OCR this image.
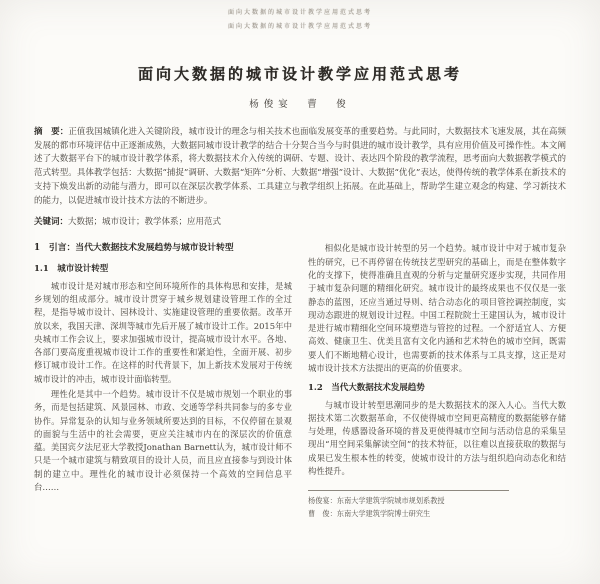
面向大数据的城市设计教学应用范式思考
面向大数据的城市设计教学应用范式思考
面向大数据的城市设计教学应用范式思考
杨俊宴　曹　俊
摘　要：正值我国城镇化进入关键阶段，城市设计的理念与相关技术也面临发展变革的重要趋势。与此同时，大数据技术飞速发展，其在高频发展的都市环境评估中正逐渐成熟，大数据同城市设计教学的结合十分契合当今与时俱进的城市设计教学，具有应用价值及可操作性。本文阐述了大数据平台下的城市设计教学体系，将大数据技术介入传统的调研、专题、设计、表达四个阶段的教学流程，思考面向大数据教学模式的范式转型。具体教学包括：大数据“捕捉”调研、大数据“矩阵”分析、大数据“增强”设计、大数据“优化”表达，使得传统的教学体系在新技术的支持下焕发出新的动能与潜力，即可以在深层次教学体系、工具建立与教学组织上拓展。在此基础上，帮助学生建立观念的构建、学习新技术的能力，以促进城市设计技术方法的不断进步。
关键词：大数据；城市设计；教学体系；应用范式
1　引言：当代大数据技术发展趋势与城市设计转型
1.1　城市设计转型

城市设计是对城市形态和空间环境所作的具体构思和安排，是城乡规划的组成部分。城市设计贯穿于城乡规划建设管理工作的全过程，是指导城市设计、园林设计、实施建设管理的重要依据。改革开放以来，我国天津、深圳等城市先后开展了城市设计工作。2015年中央城市工作会议上，要求加强城市设计，提高城市设计水平。各地、各部门要高度重视城市设计工作的重要性和紧迫性，全面开展、初步修订城市设计工作。在这样的时代背景下，加上新技术发展对于传统城市设计的冲击，城市设计面临转型。

理性化是其中一个趋势。城市设计不仅是城市规划一个职业的事务，而是包括建筑、风景园林、市政、交通等学科共同参与的多专业协作。异常复杂的认知与业务领域所要达到的目标，不仅停留在景观的面貌与生活中的社会需要，更应关注城市内在的深层次的价值意蕴。美国宾夕法尼亚大学教授Jonathan Barnett认为，城市设计师不只是一个城市建筑与精致项目的设计人员，而且应直接参与到设计体制的建立中。理性化的城市设计必须保持一个高效的空间信息平台……

相似化是城市设计转型的另一个趋势。城市设计中对于城市复杂性的研究，已不再停留在传统技艺型研究的基础上，而是在整体数字化的支撑下，使得准确且直观的分析与定量研究逐步实现，共同作用于城市复杂问题的精细化研究。城市设计的最终成果也不仅仅是一张静态的蓝图，还应当通过导则、结合动态化的项目管控调控制度，实现动态跟进的规划设计过程。中国工程院院士王建国认为，城市设计是进行城市精细化空间环境塑造与管控的过程。一个舒适宜人、方便高效、健康卫生、优美且富有文化内涵和艺术特色的城市空间，既需要人们不断地精心设计，也需要新的技术体系与工具支撑，这正是对城市设计技术方法提出的更高的价值要求。

1.2　当代大数据技术发展趋势

与城市设计转型思潮同步的是大数据技术的深入人心。当代大数据技术第二次数据革命，不仅使得城市空间更高精度的数据能够存储与处理，传感器设备环境的普及更使得城市空间与活动信息的采集呈现出“用空间采集解读空间”的技术特征，以往难以直接获取的数据与成果已发生根本性的转变，使城市设计的方法与组织趋向动态化和结构性提升。

杨俊宴：东南大学建筑学院城市规划系教授
曹　俊：东南大学建筑学院博士研究生
